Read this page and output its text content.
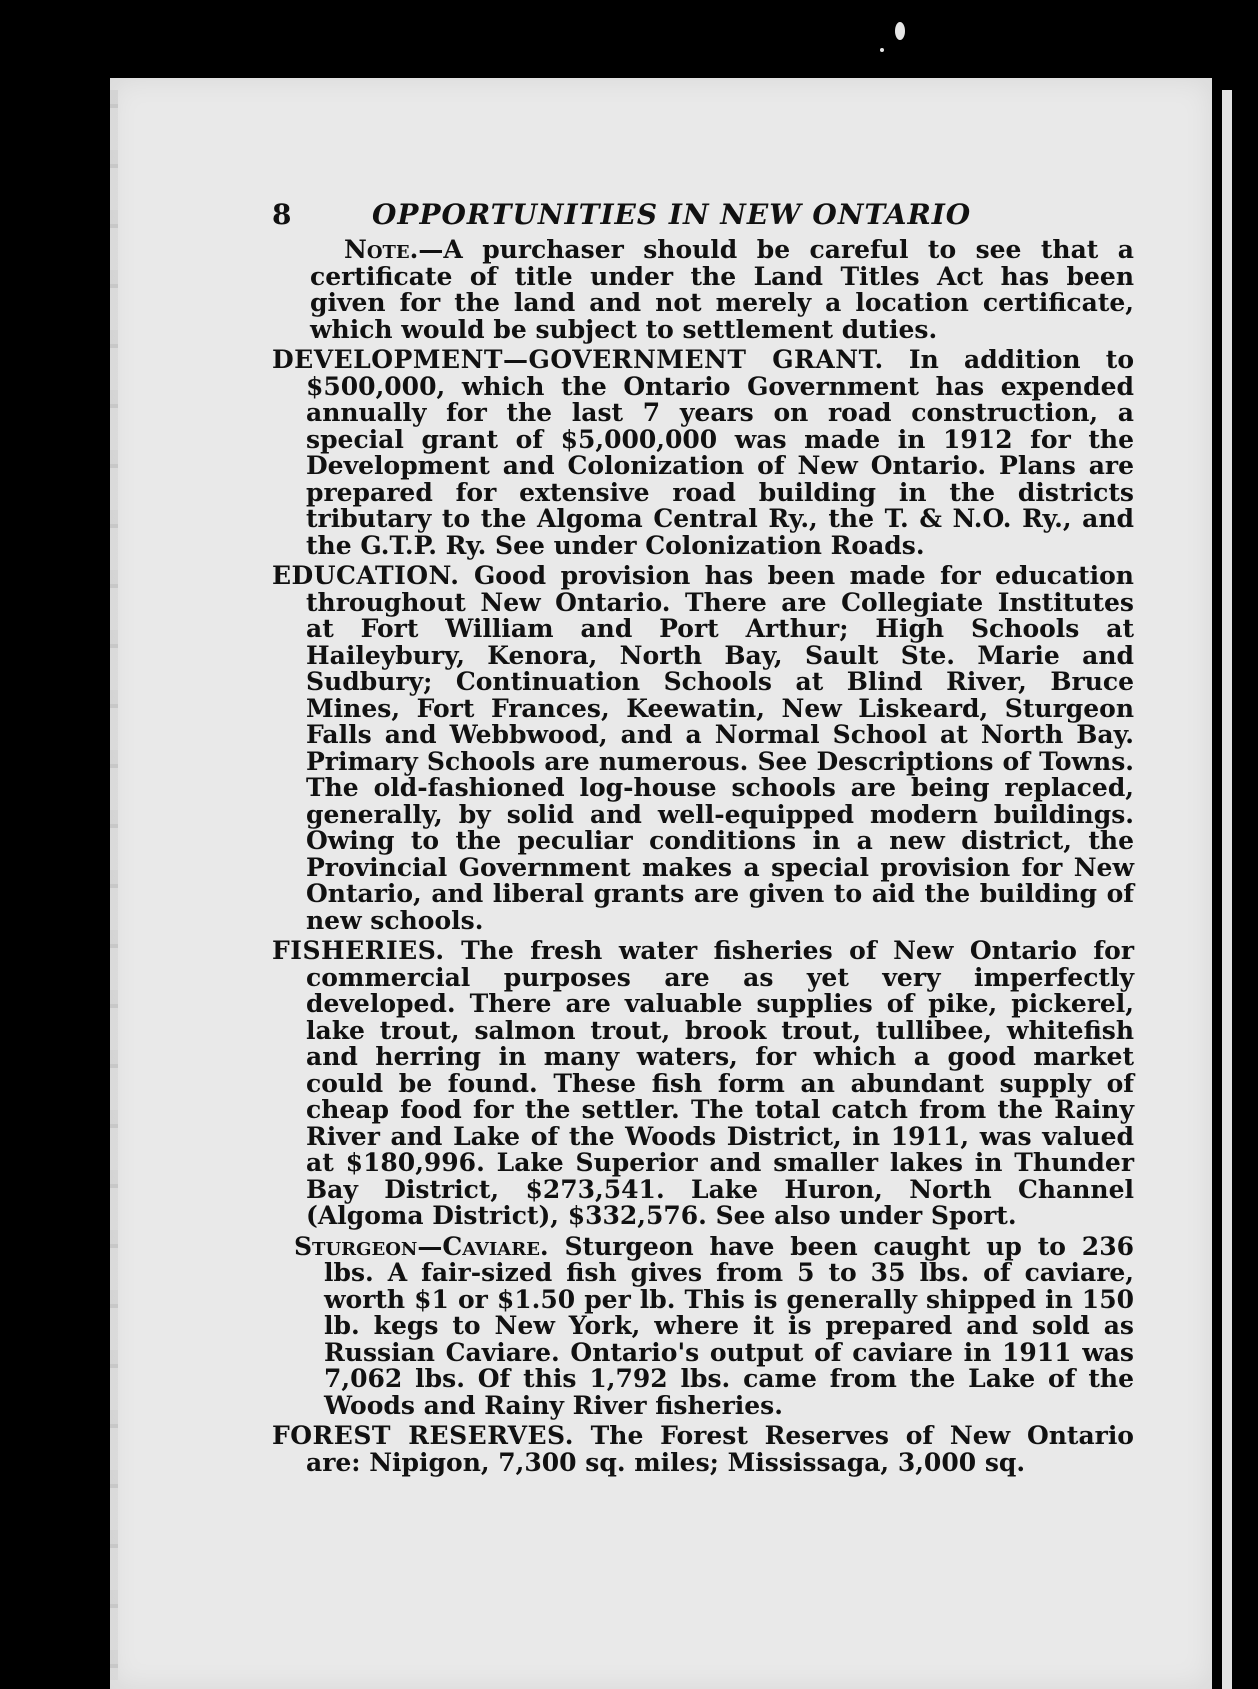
8	OPPORTUNITIES IN NEW ONTARIO

Note.—A purchaser should be careful to see that a certificate of title under the Land Titles Act has been given for the land and not merely a location certificate, which would be subject to settlement duties.

DEVELOPMENT—GOVERNMENT GRANT. In addition to $500,000, which the Ontario Government has expended annually for the last 7 years on road construction, a special grant of $5,000,000 was made in 1912 for the Development and Colonization of New Ontario. Plans are prepared for extensive road building in the districts tributary to the Algoma Central Ry., the T. & N.O. Ry., and the G.T.P. Ry. See under Colonization Roads.

EDUCATION. Good provision has been made for education throughout New Ontario. There are Collegiate Institutes at Fort William and Port Arthur; High Schools at Haileybury, Kenora, North Bay, Sault Ste. Marie and Sudbury; Continuation Schools at Blind River, Bruce Mines, Fort Frances, Keewatin, New Liskeard, Sturgeon Falls and Webbwood, and a Normal School at North Bay. Primary Schools are numerous. See Descriptions of Towns. The old-fashioned log-house schools are being replaced, generally, by solid and well-equipped modern buildings. Owing to the peculiar conditions in a new district, the Provincial Government makes a special provision for New Ontario, and liberal grants are given to aid the building of new schools.

FISHERIES. The fresh water fisheries of New Ontario for commercial purposes are as yet very imperfectly developed. There are valuable supplies of pike, pickerel, lake trout, salmon trout, brook trout, tullibee, whitefish and herring in many waters, for which a good market could be found. These fish form an abundant supply of cheap food for the settler. The total catch from the Rainy River and Lake of the Woods District, in 1911, was valued at $180,996. Lake Superior and smaller lakes in Thunder Bay District, $273,541. Lake Huron, North Channel (Algoma District), $332,576. See also under Sport.

Sturgeon—Caviare. Sturgeon have been caught up to 236 lbs. A fair-sized fish gives from 5 to 35 lbs. of caviare, worth $1 or $1.50 per lb. This is generally shipped in 150 lb. kegs to New York, where it is prepared and sold as Russian Caviare. Ontario's output of caviare in 1911 was 7,062 lbs. Of this 1,792 lbs. came from the Lake of the Woods and Rainy River fisheries.

FOREST RESERVES. The Forest Reserves of New Ontario are: Nipigon, 7,300 sq. miles; Mississaga, 3,000 sq.
